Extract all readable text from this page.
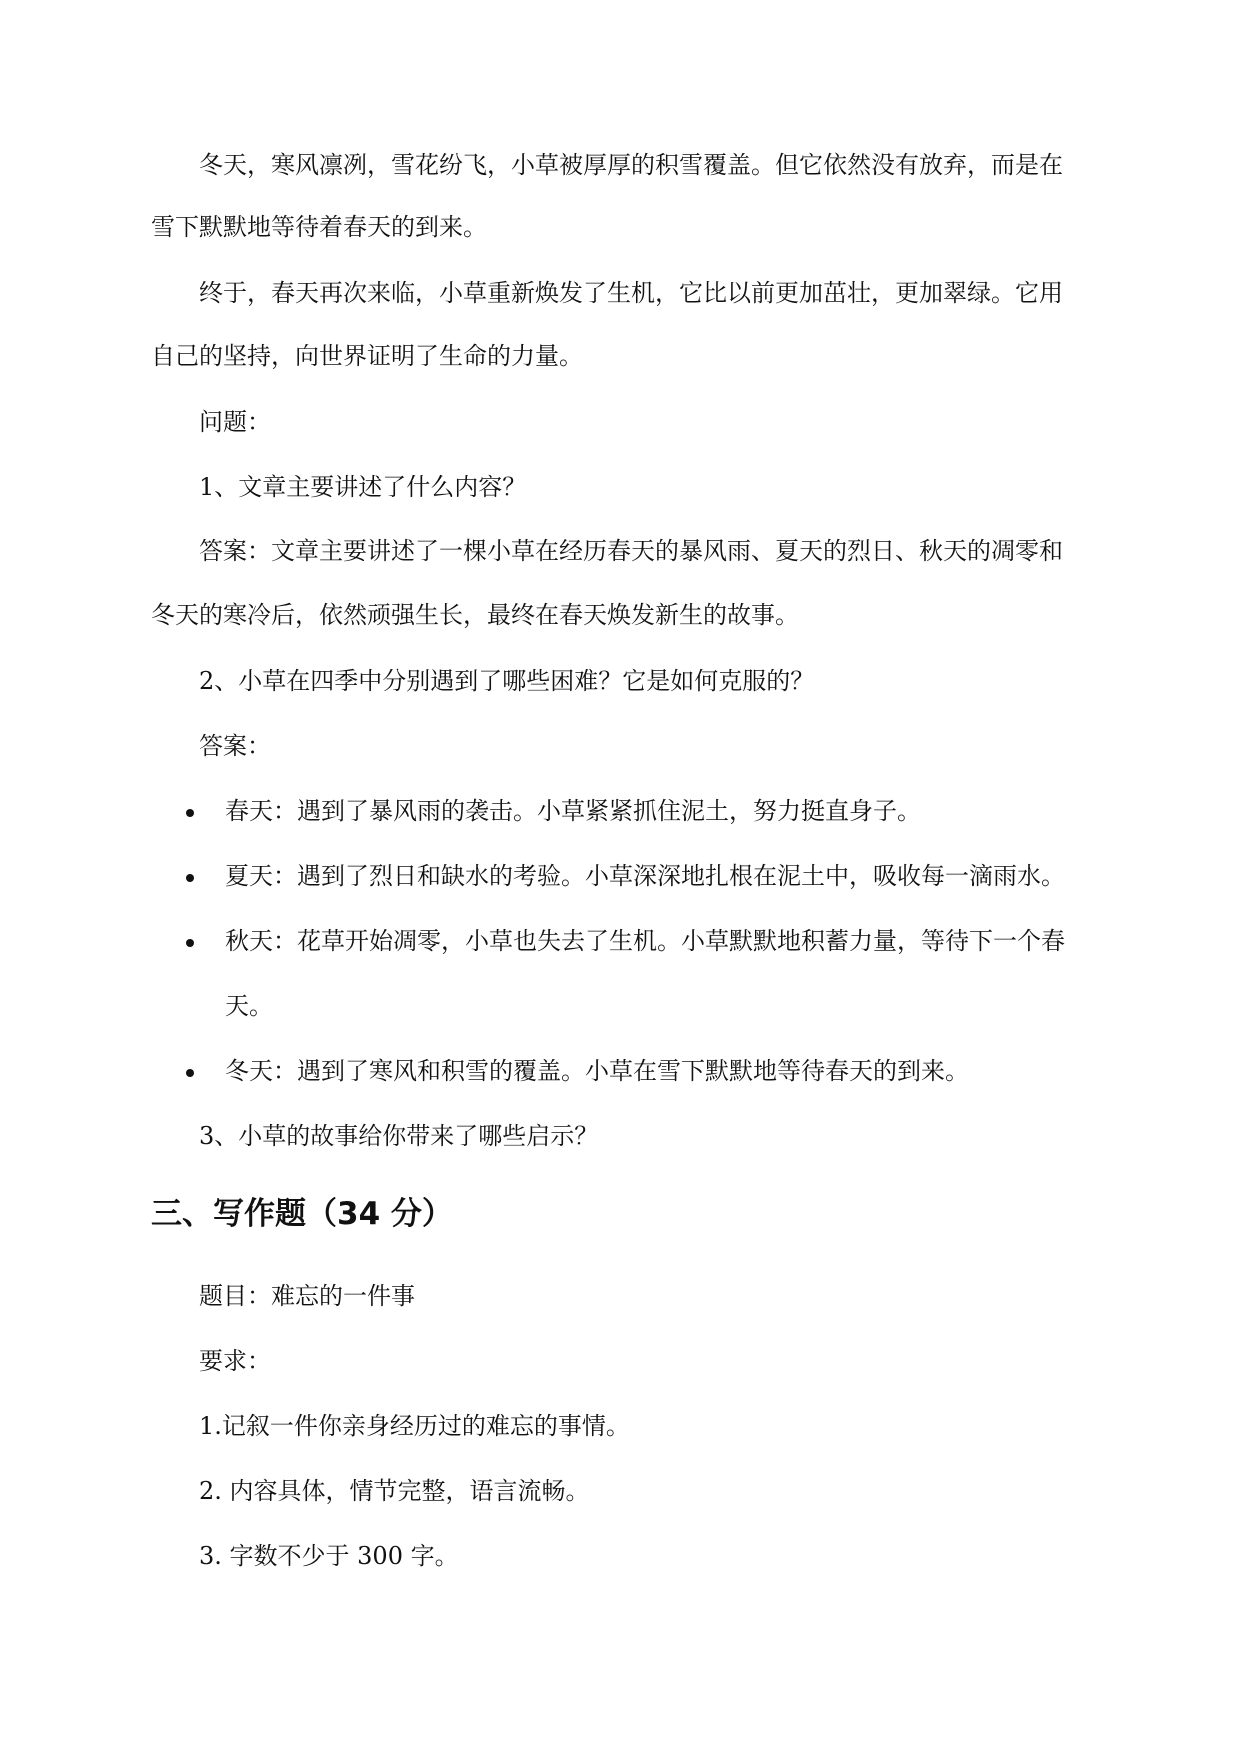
冬天，寒风凛冽，雪花纷飞，小草被厚厚的积雪覆盖。但它依然没有放弃，而是在
雪下默默地等待着春天的到来。
终于，春天再次来临，小草重新焕发了生机，它比以前更加茁壮，更加翠绿。它用
自己的坚持，向世界证明了生命的力量。
问题：
1、文章主要讲述了什么内容？
答案：文章主要讲述了一棵小草在经历春天的暴风雨、夏天的烈日、秋天的凋零和
冬天的寒冷后，依然顽强生长，最终在春天焕发新生的故事。
2、小草在四季中分别遇到了哪些困难？它是如何克服的？
答案：
春天：遇到了暴风雨的袭击。小草紧紧抓住泥土，努力挺直身子。
夏天：遇到了烈日和缺水的考验。小草深深地扎根在泥土中，吸收每一滴雨水。
秋天：花草开始凋零，小草也失去了生机。小草默默地积蓄力量，等待下一个春
天。
冬天：遇到了寒风和积雪的覆盖。小草在雪下默默地等待春天的到来。
3、小草的故事给你带来了哪些启示？
三、写作题（34 分）
题目：难忘的一件事
要求：
1.记叙一件你亲身经历过的难忘的事情。
2. 内容具体，情节完整，语言流畅。
3. 字数不少于 300 字。
